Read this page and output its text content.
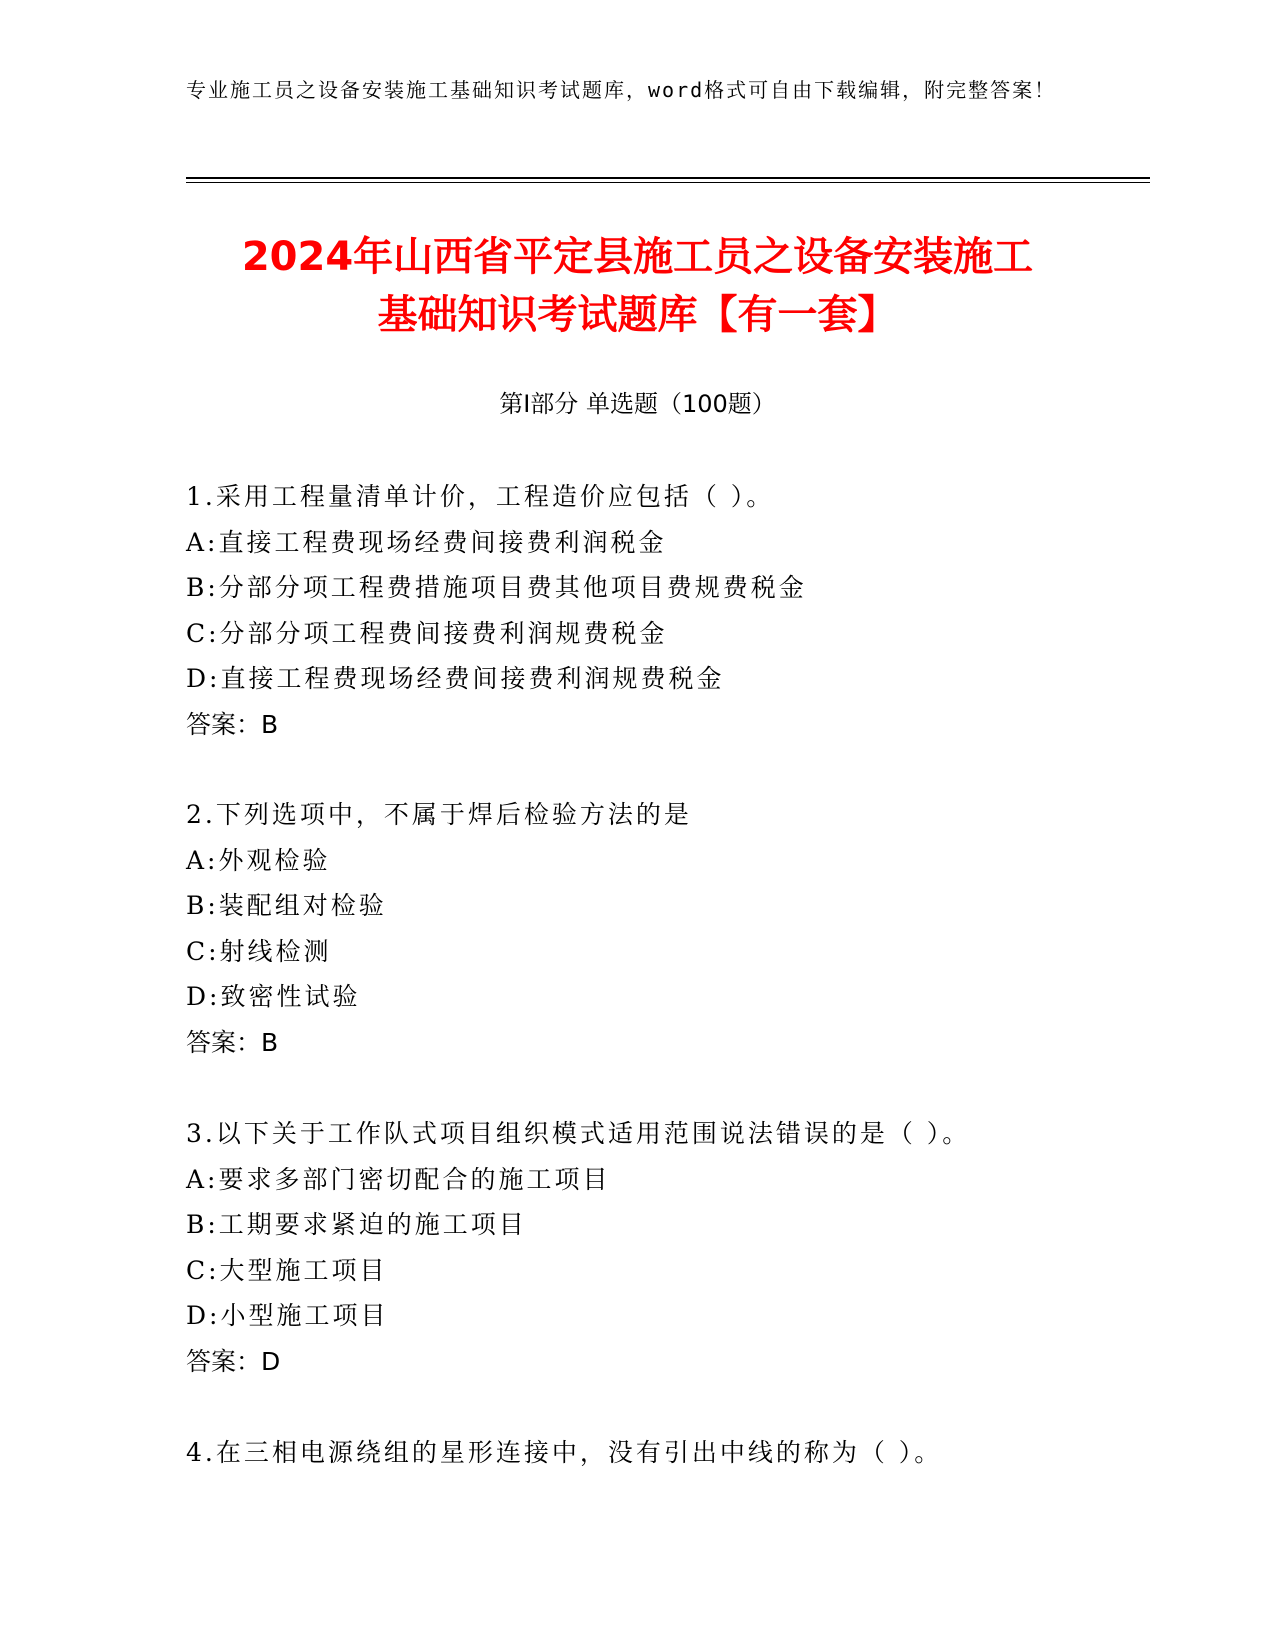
专业施工员之设备安装施工基础知识考试题库，word格式可自由下载编辑，附完整答案！
2024年山西省平定县施工员之设备安装施工
基础知识考试题库【有一套】
第Ⅰ部分 单选题（100题）
1.采用工程量清单计价，工程造价应包括（ ）。
A:直接工程费现场经费间接费利润税金
B:分部分项工程费措施项目费其他项目费规费税金
C:分部分项工程费间接费利润规费税金
D:直接工程费现场经费间接费利润规费税金
答案：B
2.下列选项中，不属于焊后检验方法的是
A:外观检验
B:装配组对检验
C:射线检测
D:致密性试验
答案：B
3.以下关于工作队式项目组织模式适用范围说法错误的是（ ）。
A:要求多部门密切配合的施工项目
B:工期要求紧迫的施工项目
C:大型施工项目
D:小型施工项目
答案：D
4.在三相电源绕组的星形连接中，没有引出中线的称为（ ）。
